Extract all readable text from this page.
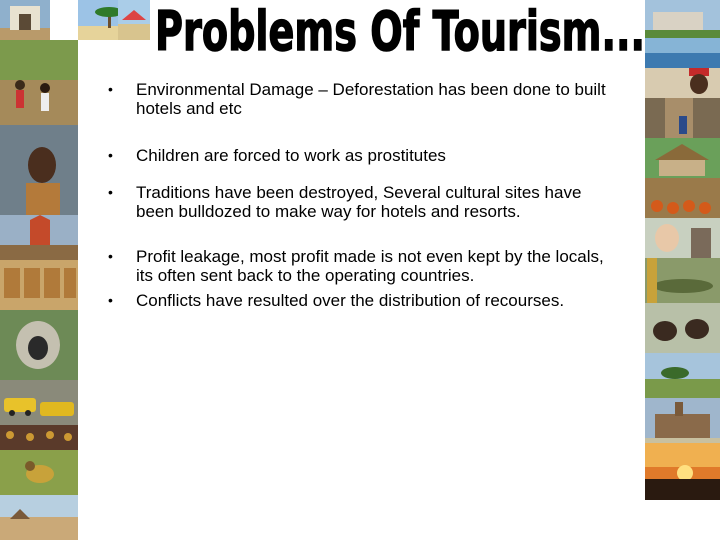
Problems Of Tourism...
•	Environmental Damage – Deforestation has been done to built hotels and etc
•	Children are forced to work as prostitutes
•	Traditions have been destroyed, Several cultural sites have been bulldozed to make way for hotels and resorts.
•	Profit leakage, most profit made is not even kept by the locals, its often sent back to the operating countries.
•	Conflicts have resulted over the distribution of recourses.
